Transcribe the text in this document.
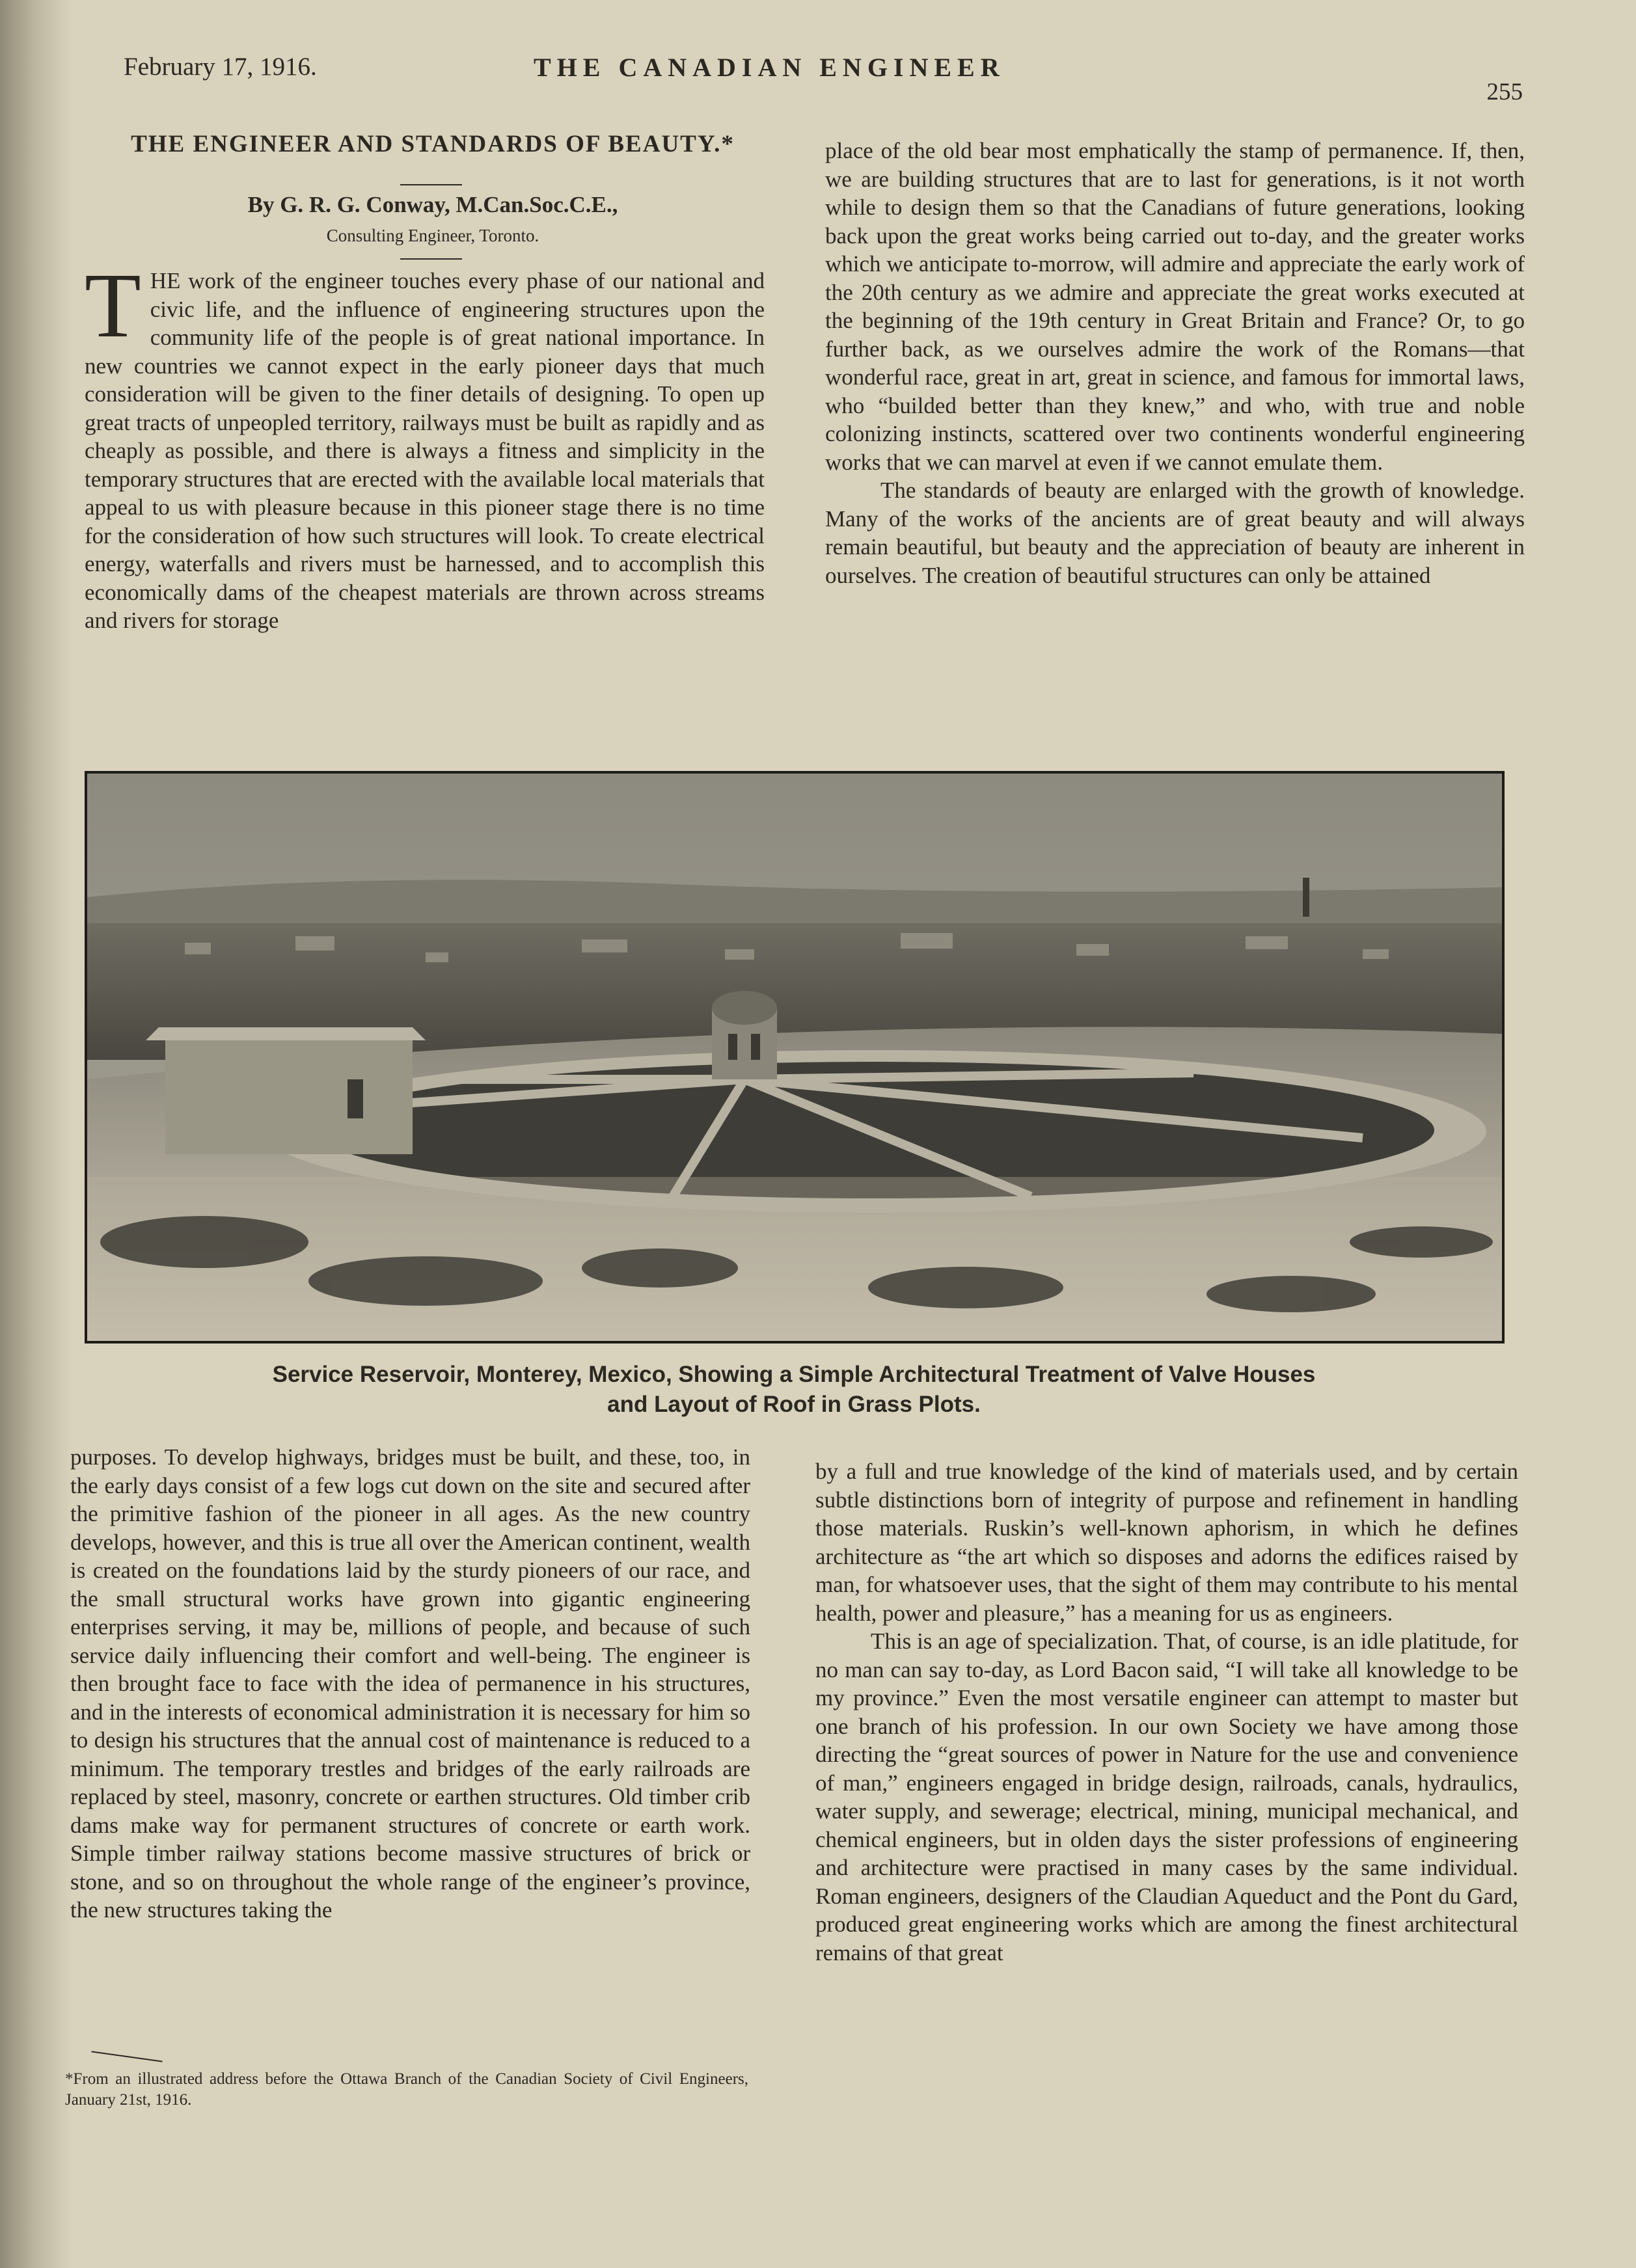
February 17, 1916.	THE CANADIAN ENGINEER
255
THE ENGINEER AND STANDARDS OF BEAUTY.*
By G. R. G. Conway, M.Can.Soc.C.E.,
Consulting Engineer, Toronto.

T HE work of the engineer touches every phase of our national and civic life, and the influence of engineering structures upon the community life of the people is of great national importance. In new countries we cannot expect in the early pioneer days that much consideration will be given to the finer details of designing. To open up great tracts of unpeopled territory, railways must be built as rapidly and as cheaply as possible, and there is always a fitness and simplicity in the temporary structures that are erected with the available local materials that appeal to us with pleasure because in this pioneer stage there is no time for the consideration of how such structures will look. To create electrical energy, waterfalls and rivers must be harnessed, and to accomplish this economically dams of the cheapest materials are thrown across streams and rivers for storage

place of the old bear most emphatically the stamp of permanence. If, then, we are building structures that are to last for generations, is it not worth while to design them so that the Canadians of future generations, looking back upon the great works being carried out to-day, and the greater works which we anticipate to-morrow, will admire and appreciate the early work of the 20th century as we admire and appreciate the great works executed at the beginning of the 19th century in Great Britain and France? Or, to go further back, as we ourselves admire the work of the Romans—that wonderful race, great in art, great in science, and famous for immortal laws, who “builded better than they knew,” and who, with true and noble colonizing instincts, scattered over two continents wonderful engineering works that we can marvel at even if we cannot emulate them.

The standards of beauty are enlarged with the growth of knowledge. Many of the works of the ancients are of great beauty and will always remain beautiful, but beauty and the appreciation of beauty are inherent in ourselves. The creation of beautiful structures can only be attained

Service Reservoir, Monterey, Mexico, Showing a Simple Architectural Treatment of Valve Houses
and Layout of Roof in Grass Plots.

purposes. To develop highways, bridges must be built, and these, too, in the early days consist of a few logs cut down on the site and secured after the primitive fashion of the pioneer in all ages. As the new country develops, however, and this is true all over the American continent, wealth is created on the foundations laid by the sturdy pioneers of our race, and the small structural works have grown into gigantic engineering enterprises serving, it may be, millions of people, and because of such service daily influencing their comfort and well-being. The engineer is then brought face to face with the idea of permanence in his structures, and in the interests of economical administration it is necessary for him so to design his structures that the annual cost of maintenance is reduced to a minimum. The temporary trestles and bridges of the early railroads are replaced by steel, masonry, concrete or earthen structures. Old timber crib dams make way for permanent structures of concrete or earth work. Simple timber railway stations become massive structures of brick or stone, and so on throughout the whole range of the engineer’s province, the new structures taking the

by a full and true knowledge of the kind of materials used, and by certain subtle distinctions born of integrity of purpose and refinement in handling those materials. Ruskin’s well-known aphorism, in which he defines architecture as “the art which so disposes and adorns the edifices raised by man, for whatsoever uses, that the sight of them may contribute to his mental health, power and pleasure,” has a meaning for us as engineers.

This is an age of specialization. That, of course, is an idle platitude, for no man can say to-day, as Lord Bacon said, “I will take all knowledge to be my province.” Even the most versatile engineer can attempt to master but one branch of his profession. In our own Society we have among those directing the “great sources of power in Nature for the use and convenience of man,” engineers engaged in bridge design, railroads, canals, hydraulics, water supply, and sewerage; electrical, mining, municipal mechanical, and chemical engineers, but in olden days the sister professions of engineering and architecture were practised in many cases by the same individual. Roman engineers, designers of the Claudian Aqueduct and the Pont du Gard, produced great engineering works which are among the finest architectural remains of that great

*From an illustrated address before the Ottawa Branch of the Canadian Society of Civil Engineers, January 21st, 1916.
